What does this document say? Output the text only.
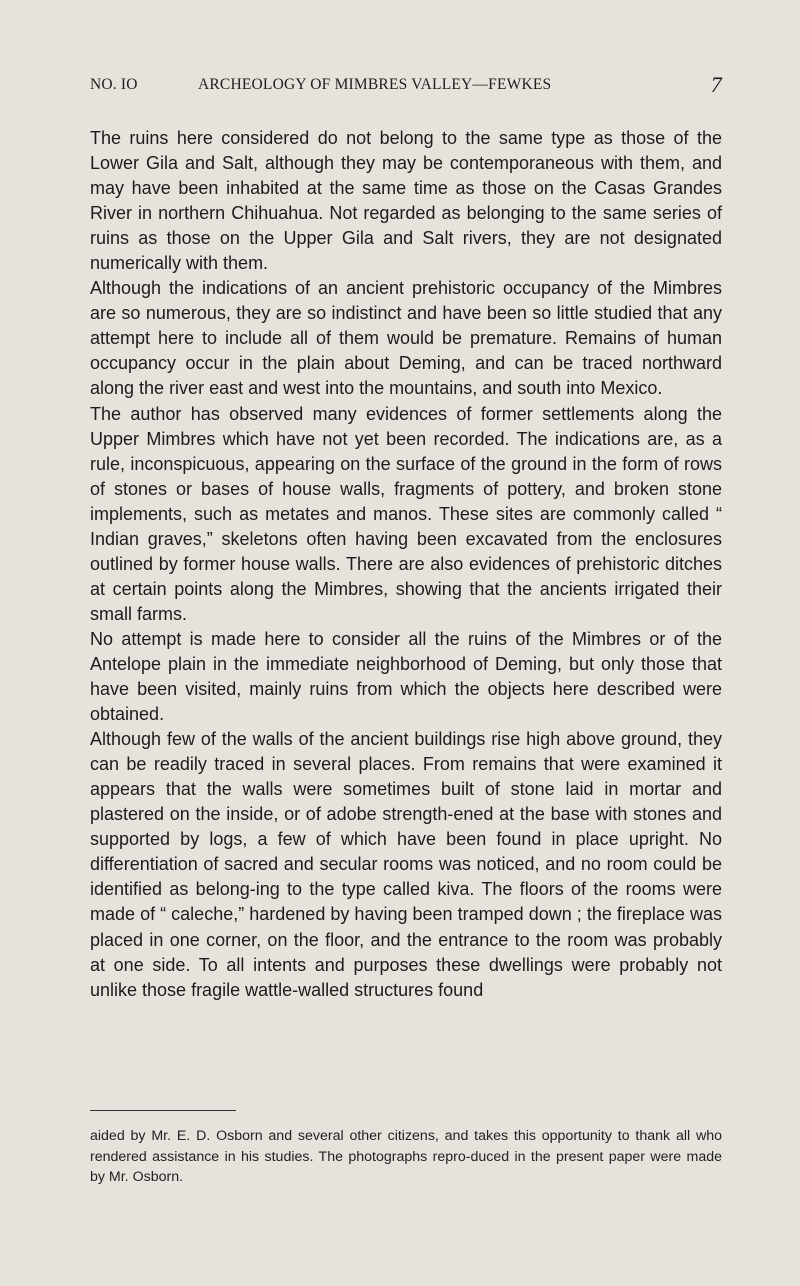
NO. IO	ARCHEOLOGY OF MIMBRES VALLEY—FEWKES	7

The ruins here considered do not belong to the same type as those of the Lower Gila and Salt, although they may be contemporaneous with them, and may have been inhabited at the same time as those on the Casas Grandes River in northern Chihuahua. Not regarded as belonging to the same series of ruins as those on the Upper Gila and Salt rivers, they are not designated numerically with them.

Although the indications of an ancient prehistoric occupancy of the Mimbres are so numerous, they are so indistinct and have been so little studied that any attempt here to include all of them would be premature. Remains of human occupancy occur in the plain about Deming, and can be traced northward along the river east and west into the mountains, and south into Mexico.

The author has observed many evidences of former settlements along the Upper Mimbres which have not yet been recorded. The indications are, as a rule, inconspicuous, appearing on the surface of the ground in the form of rows of stones or bases of house walls, fragments of pottery, and broken stone implements, such as metates and manos. These sites are commonly called “ Indian graves,” skeletons often having been excavated from the enclosures outlined by former house walls. There are also evidences of prehistoric ditches at certain points along the Mimbres, showing that the ancients irrigated their small farms.

No attempt is made here to consider all the ruins of the Mimbres or of the Antelope plain in the immediate neighborhood of Deming, but only those that have been visited, mainly ruins from which the objects here described were obtained.

Although few of the walls of the ancient buildings rise high above ground, they can be readily traced in several places. From remains that were examined it appears that the walls were sometimes built of stone laid in mortar and plastered on the inside, or of adobe strength-ened at the base with stones and supported by logs, a few of which have been found in place upright. No differentiation of sacred and secular rooms was noticed, and no room could be identified as belong-ing to the type called kiva. The floors of the rooms were made of “ caleche,” hardened by having been tramped down ; the fireplace was placed in one corner, on the floor, and the entrance to the room was probably at one side. To all intents and purposes these dwellings were probably not unlike those fragile wattle-walled structures found

aided by Mr. E. D. Osborn and several other citizens, and takes this opportunity to thank all who rendered assistance in his studies. The photographs repro-duced in the present paper were made by Mr. Osborn.
